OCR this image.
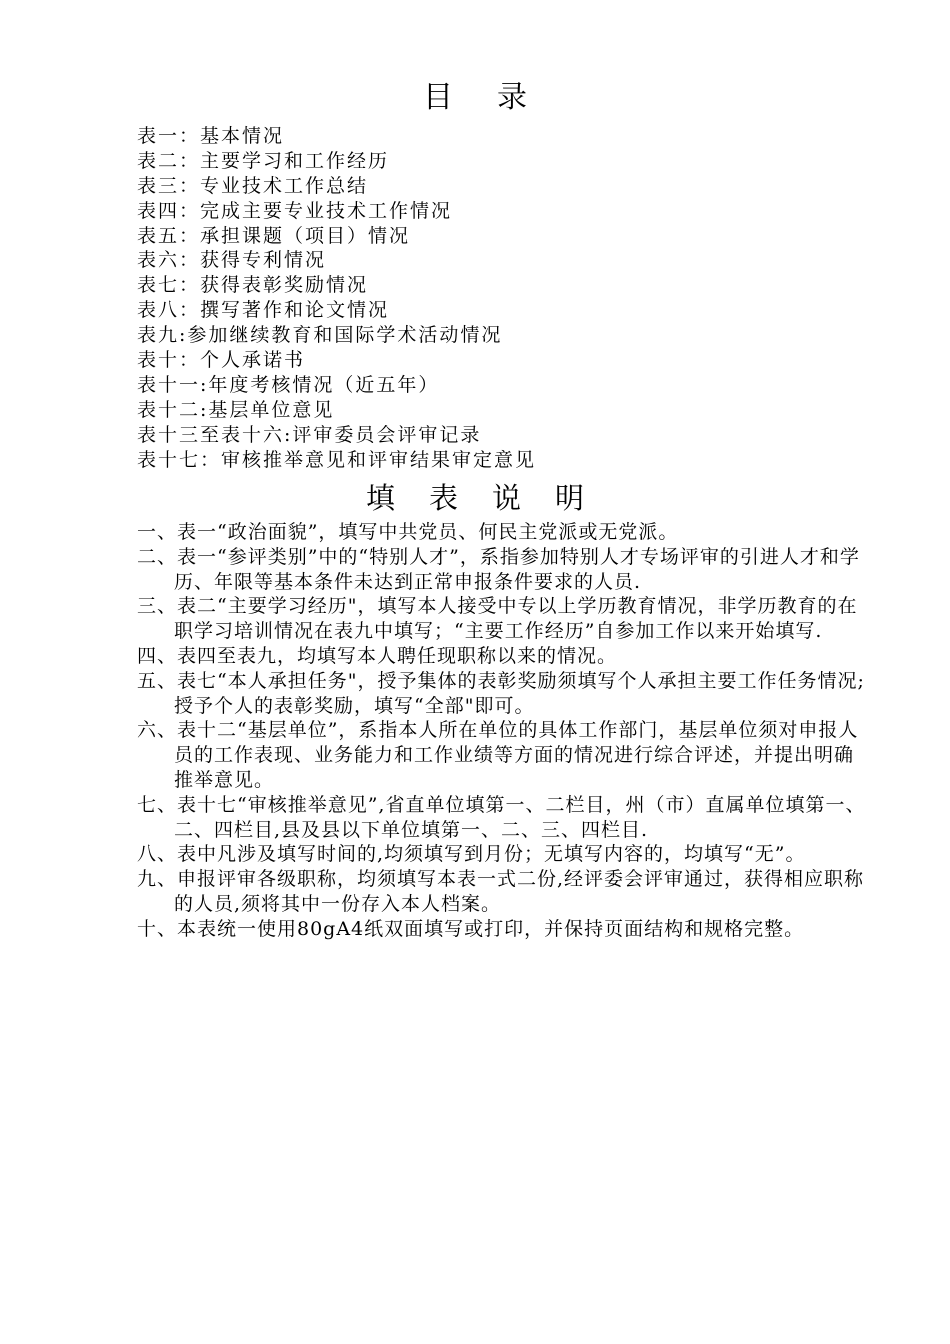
目录
表一：基本情况
表二：主要学习和工作经历
表三：专业技术工作总结
表四：完成主要专业技术工作情况
表五：承担课题（项目）情况
表六：获得专利情况
表七：获得表彰奖励情况
表八：撰写著作和论文情况
表九:参加继续教育和国际学术活动情况
表十：个人承诺书
表十一:年度考核情况（近五年）
表十二:基层单位意见
表十三至表十六:评审委员会评审记录
表十七：审核推举意见和评审结果审定意见
填表说明
一、表一“政治面貌”，填写中共党员、何民主党派或无党派。
二、表一“参评类别”中的“特别人才”，系指参加特别人才专场评审的引进人才和学历、年限等基本条件未达到正常申报条件要求的人员.
三、表二“主要学习经历"，填写本人接受中专以上学历教育情况，非学历教育的在职学习培训情况在表九中填写；“主要工作经历”自参加工作以来开始填写.
四、表四至表九，均填写本人聘任现职称以来的情况。
五、表七“本人承担任务"，授予集体的表彰奖励须填写个人承担主要工作任务情况;授予个人的表彰奖励，填写“全部"即可。
六、表十二“基层单位”，系指本人所在单位的具体工作部门，基层单位须对申报人员的工作表现、业务能力和工作业绩等方面的情况进行综合评述，并提出明确推举意见。
七、表十七“审核推举意见”,省直单位填第一、二栏目，州（市）直属单位填第一、二、四栏目,县及县以下单位填第一、二、三、四栏目.
八、表中凡涉及填写时间的,均须填写到月份；无填写内容的，均填写“无”。
九、申报评审各级职称，均须填写本表一式二份,经评委会评审通过，获得相应职称的人员,须将其中一份存入本人档案。
十、本表统一使用80gA4纸双面填写或打印，并保持页面结构和规格完整。
